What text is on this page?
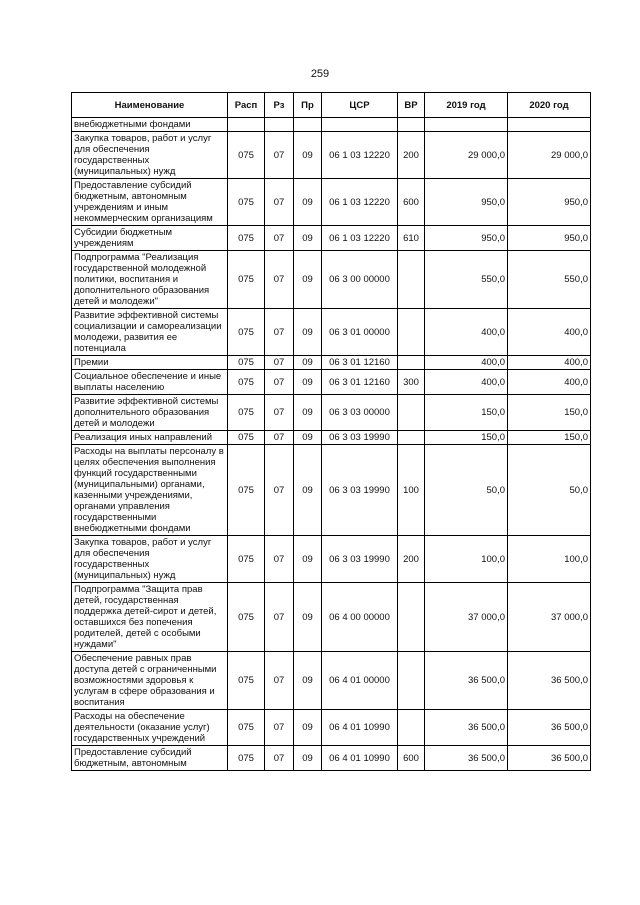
259
Наименование	Расп	Рз	Пр	ЦСР	ВР	2019 год	2020 год
внебюджетными фондами							
Закупка товаров, работ и услуг для обеспечения государственных (муниципальных) нужд	075	07	09	06 1 03 12220	200	29 000,0	29 000,0
Предоставление субсидий бюджетным, автономным учреждениям и иным некоммерческим организациям	075	07	09	06 1 03 12220	600	950,0	950,0
Субсидии бюджетным учреждениям	075	07	09	06 1 03 12220	610	950,0	950,0
Подпрограмма "Реализация государственной молодежной политики, воспитания и дополнительного образования детей и молодежи"	075	07	09	06 3 00 00000		550,0	550,0
Развитие эффективной системы социализации и самореализации молодежи, развития ее потенциала	075	07	09	06 3 01 00000		400,0	400,0
Премии	075	07	09	06 3 01 12160		400,0	400,0
Социальное обеспечение и иные выплаты населению	075	07	09	06 3 01 12160	300	400,0	400,0
Развитие эффективной системы дополнительного образования детей и молодежи	075	07	09	06 3 03 00000		150,0	150,0
Реализация иных направлений	075	07	09	06 3 03 19990		150,0	150,0
Расходы на выплаты персоналу в целях обеспечения выполнения функций государственными (муниципальными) органами, казенными учреждениями, органами управления государственными внебюджетными фондами	075	07	09	06 3 03 19990	100	50,0	50,0
Закупка товаров, работ и услуг для обеспечения государственных (муниципальных) нужд	075	07	09	06 3 03 19990	200	100,0	100,0
Подпрограмма "Защита прав детей, государственная поддержка детей-сирот и детей, оставшихся без попечения родителей, детей с особыми нуждами"	075	07	09	06 4 00 00000		37 000,0	37 000,0
Обеспечение равных прав доступа детей с ограниченными возможностями здоровья к услугам в сфере образования и воспитания	075	07	09	06 4 01 00000		36 500,0	36 500,0
Расходы на обеспечение деятельности (оказание услуг) государственных учреждений	075	07	09	06 4 01 10990		36 500,0	36 500,0
Предоставление субсидий бюджетным, автономным	075	07	09	06 4 01 10990	600	36 500,0	36 500,0
